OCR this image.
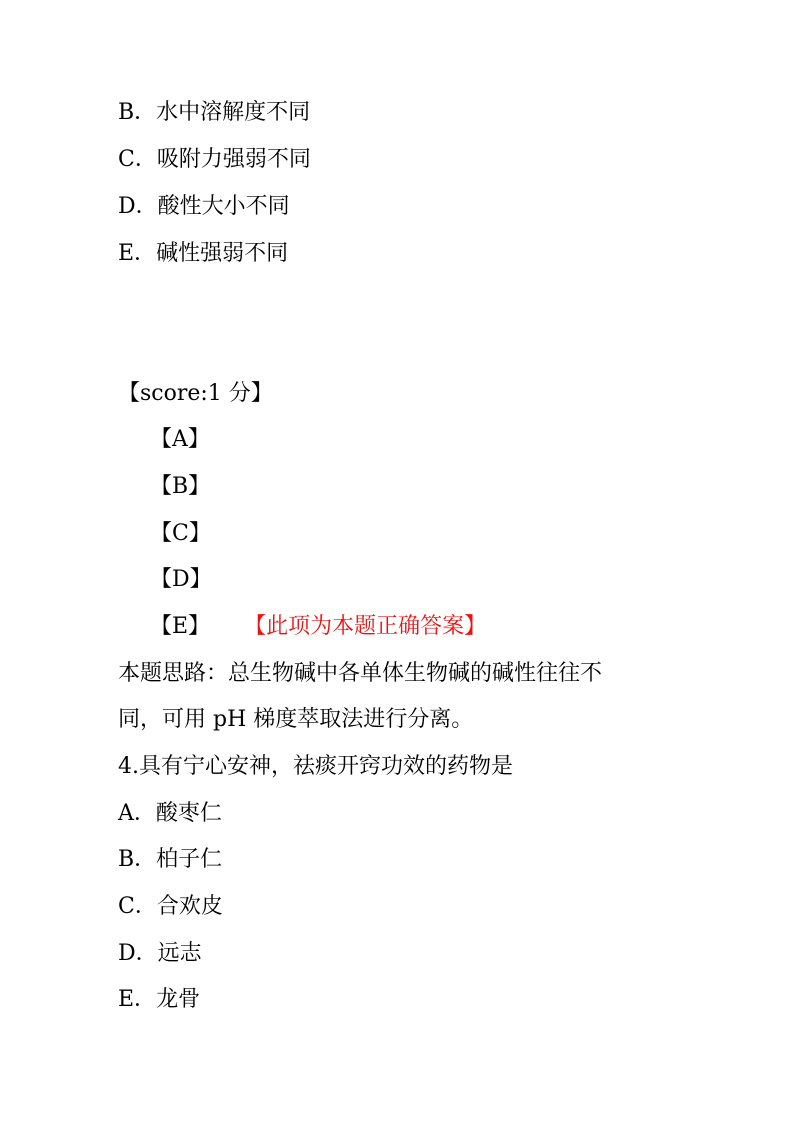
B．水中溶解度不同
C．吸附力强弱不同
D．酸性大小不同
E．碱性强弱不同
【score:1 分】
【A】
【B】
【C】
【D】
【E】 【此项为本题正确答案】
本题思路：总生物碱中各单体生物碱的碱性往往不
同，可用 pH 梯度萃取法进行分离。
4.具有宁心安神，祛痰开窍功效的药物是
A．酸枣仁
B．柏子仁
C．合欢皮
D．远志
E．龙骨
